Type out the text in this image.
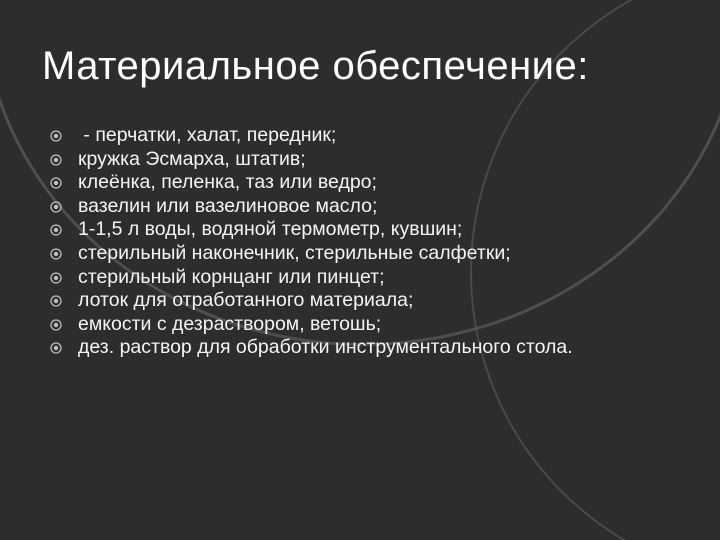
Материальное обеспечение:
- перчатки, халат, передник;
кружка Эсмарха, штатив;
клеёнка, пеленка, таз или ведро;
вазелин или вазелиновое масло;
1-1,5 л воды, водяной термометр, кувшин;
стерильный наконечник, стерильные салфетки;
стерильный корнцанг или пинцет;
лоток для отработанного материала;
емкости с дезраствором, ветошь;
дез. раствор для обработки инструментального стола.
